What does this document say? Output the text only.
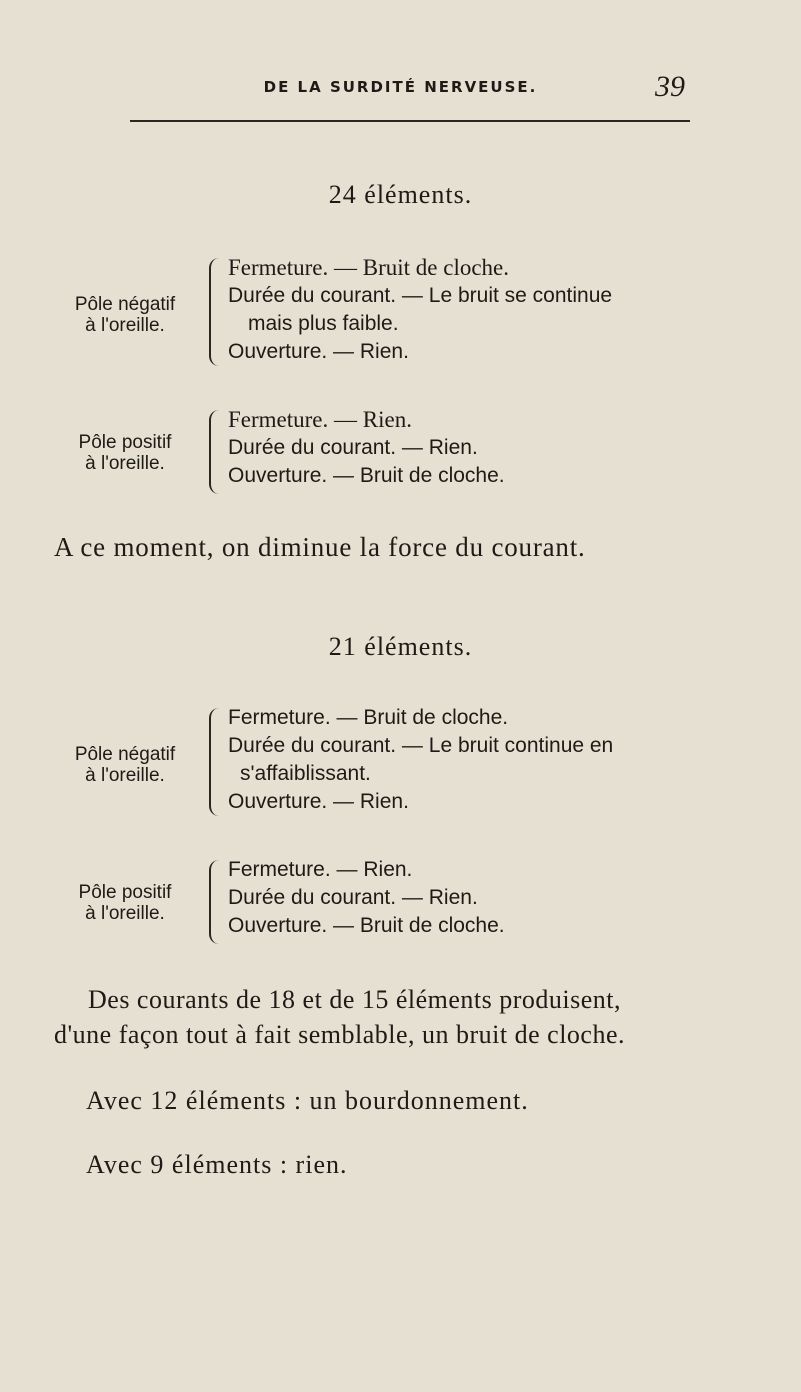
DE LA SURDITÉ NERVEUSE.	39
24 éléments.
Pôle négatif
à l'oreille.
Fermeture. — Bruit de cloche.
Durée du courant. — Le bruit se continue
mais plus faible.
Ouverture. — Rien.
Pôle positif
à l'oreille.
Fermeture. — Rien.
Durée du courant. — Rien.
Ouverture. — Bruit de cloche.
A ce moment, on diminue la force du courant.
21 éléments.
Pôle négatif
à l'oreille.
Fermeture. — Bruit de cloche.
Durée du courant. — Le bruit continue en
s'affaiblissant.
Ouverture. — Rien.
Pôle positif
à l'oreille.
Fermeture. — Rien.
Durée du courant. — Rien.
Ouverture. — Bruit de cloche.
Des courants de 18 et de 15 éléments produisent,
d'une façon tout à fait semblable, un bruit de cloche.
Avec 12 éléments : un bourdonnement.
Avec 9 éléments : rien.
